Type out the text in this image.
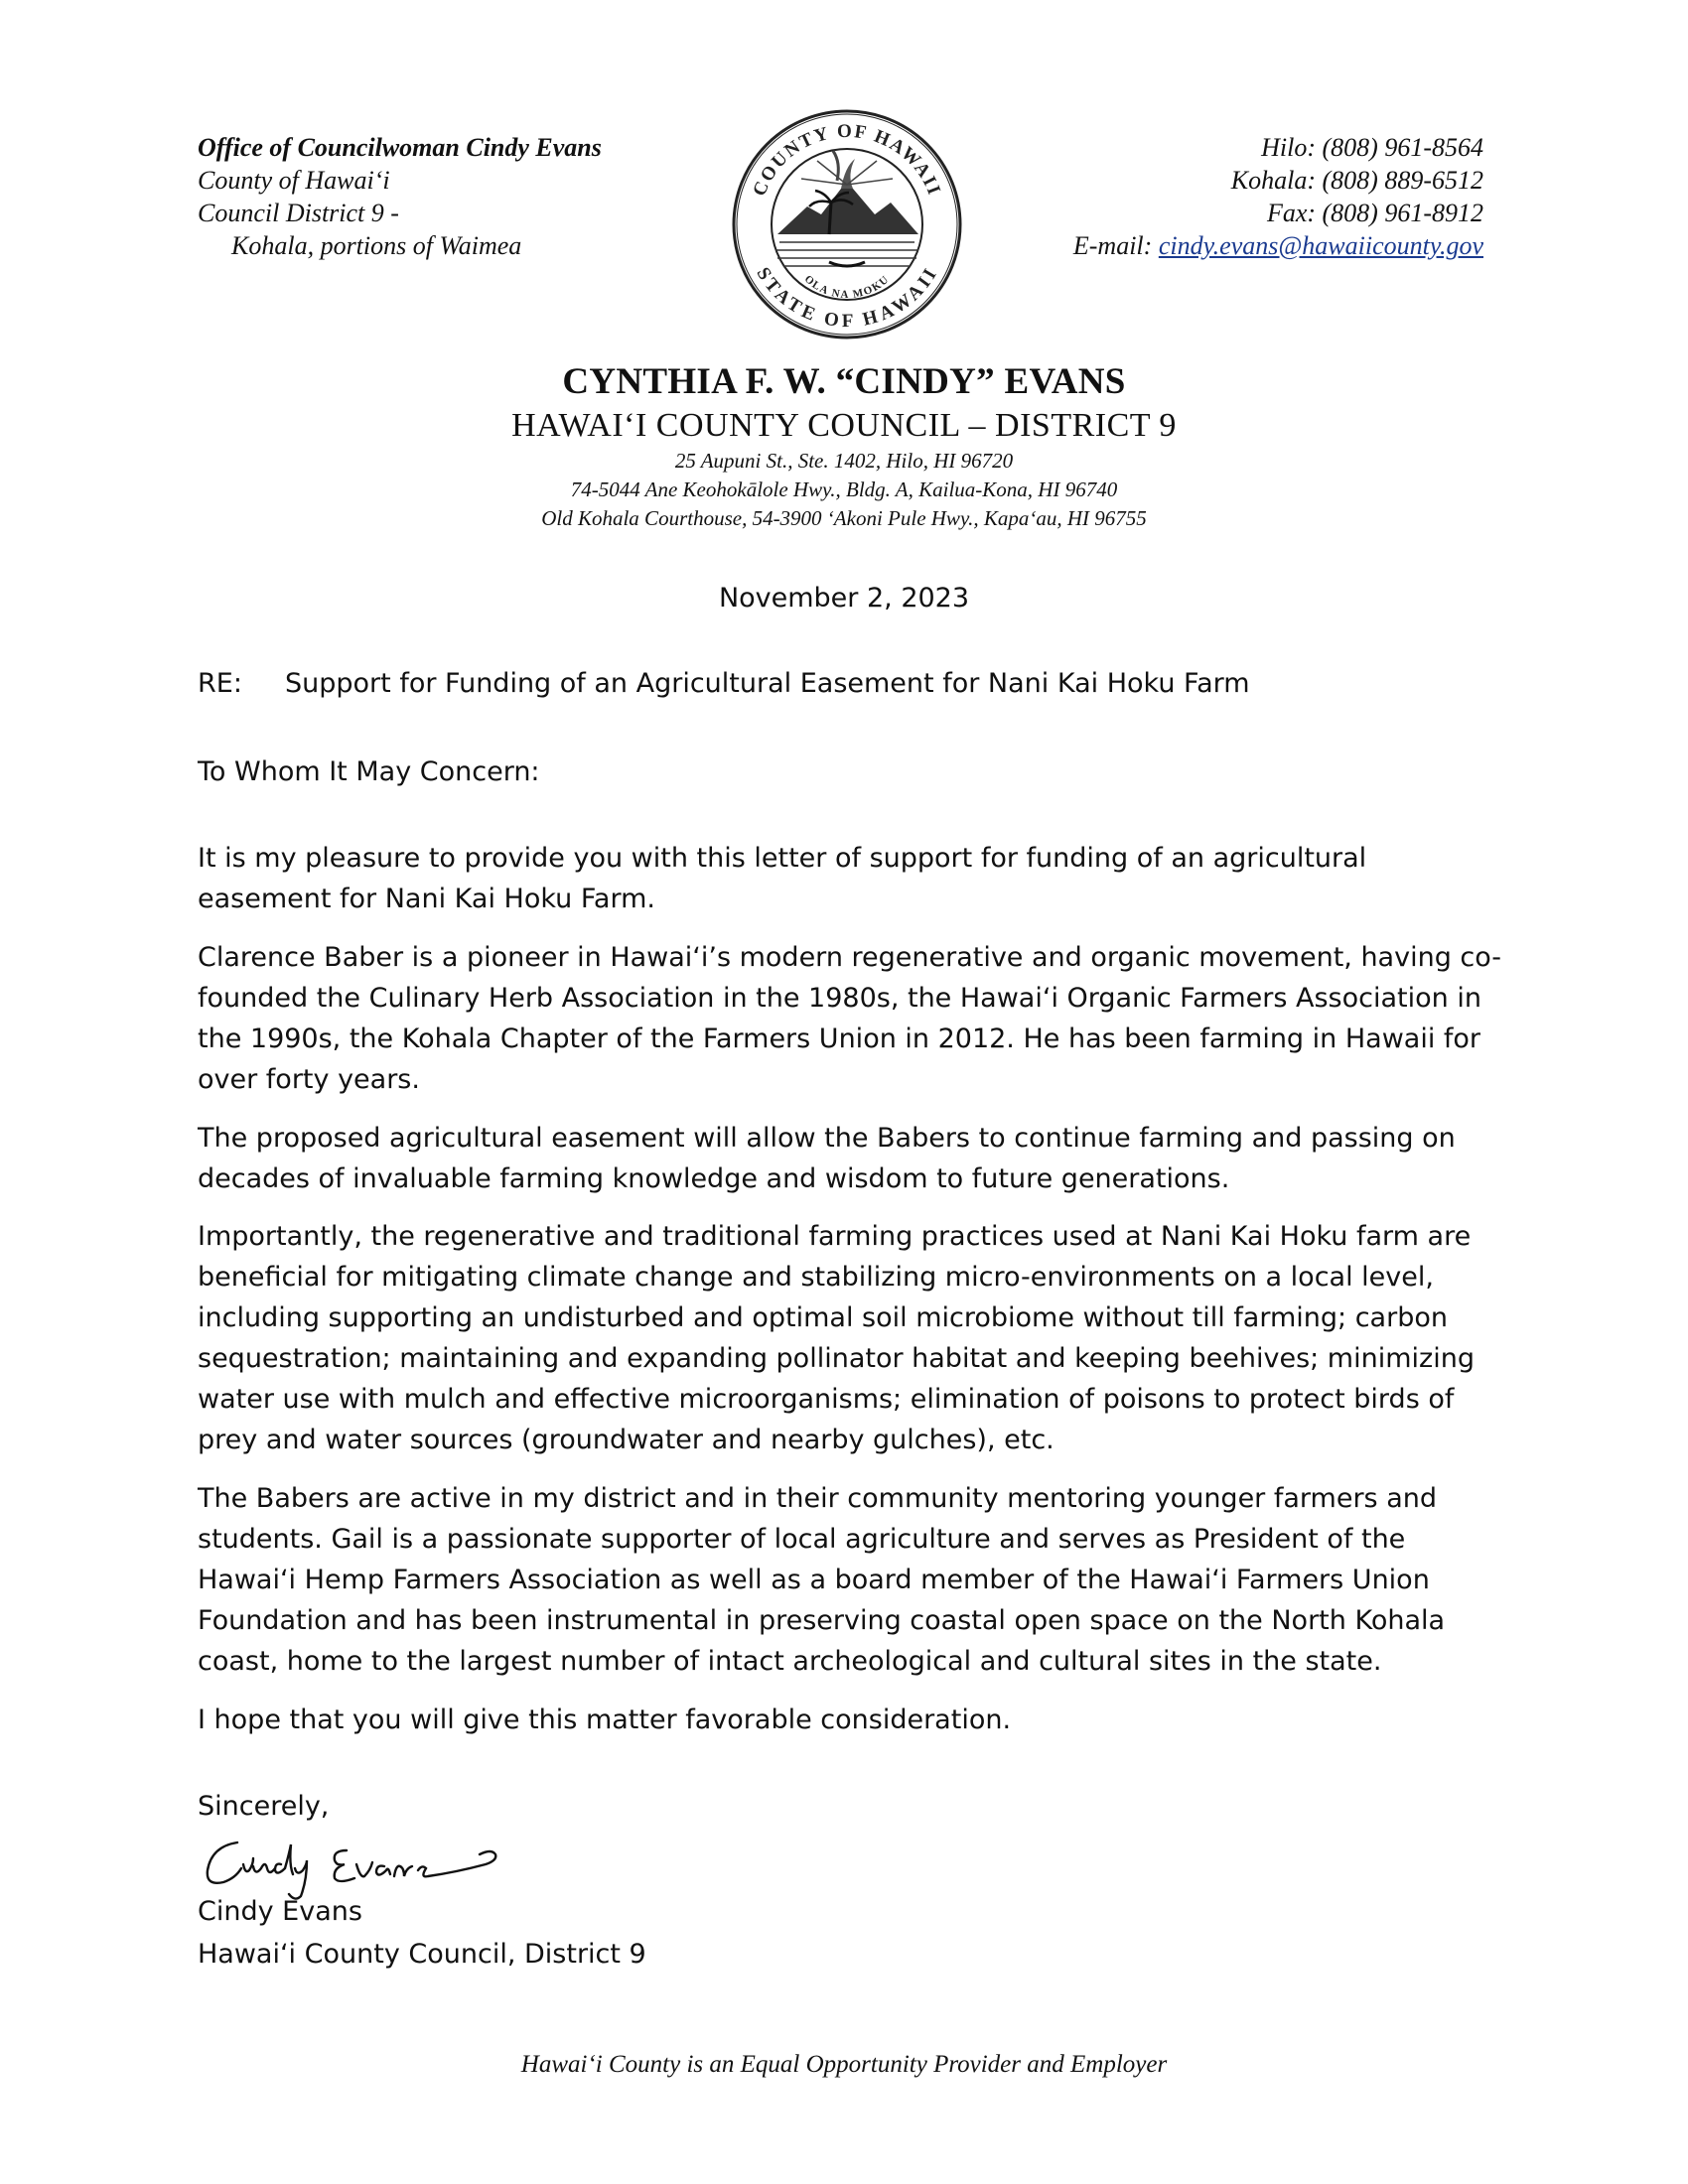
Office of Councilwoman Cindy Evans
County of Hawaiʻi
Council District 9 -
Kohala, portions of Waimea
COUNTY OF HAWAII
STATE OF HAWAII
OLA NA MOKU
Hilo: (808) 961-8564
Kohala: (808) 889-6512
Fax: (808) 961-8912
E-mail: cindy.evans@hawaiicounty.gov
CYNTHIA F. W. “CINDY” EVANS
HAWAIʻI COUNTY COUNCIL – DISTRICT 9
25 Aupuni St., Ste. 1402, Hilo, HI 96720
74-5044 Ane Keohokālole Hwy., Bldg. A, Kailua-Kona, HI 96740
Old Kohala Courthouse, 54-3900 ʻAkoni Pule Hwy., Kapaʻau, HI 96755
November 2, 2023
RE: Support for Funding of an Agricultural Easement for Nani Kai Hoku Farm
To Whom It May Concern:

It is my pleasure to provide you with this letter of support for funding of an agricultural easement for Nani Kai Hoku Farm.

Clarence Baber is a pioneer in Hawaiʻi’s modern regenerative and organic movement, having co-founded the Culinary Herb Association in the 1980s, the Hawaiʻi Organic Farmers Association in the 1990s, the Kohala Chapter of the Farmers Union in 2012. He has been farming in Hawaii for over forty years.

The proposed agricultural easement will allow the Babers to continue farming and passing on decades of invaluable farming knowledge and wisdom to future generations.

Importantly, the regenerative and traditional farming practices used at Nani Kai Hoku farm are beneficial for mitigating climate change and stabilizing micro-environments on a local level, including supporting an undisturbed and optimal soil microbiome without till farming; carbon sequestration; maintaining and expanding pollinator habitat and keeping beehives; minimizing water use with mulch and effective microorganisms; elimination of poisons to protect birds of prey and water sources (groundwater and nearby gulches), etc.

The Babers are active in my district and in their community mentoring younger farmers and students. Gail is a passionate supporter of local agriculture and serves as President of the Hawaiʻi Hemp Farmers Association as well as a board member of the Hawaiʻi Farmers Union Foundation and has been instrumental in preserving coastal open space on the North Kohala coast, home to the largest number of intact archeological and cultural sites in the state.

I hope that you will give this matter favorable consideration.

Sincerely,
Cindy Evans
Hawaiʻi County Council, District 9
Hawaiʻi County is an Equal Opportunity Provider and Employer
